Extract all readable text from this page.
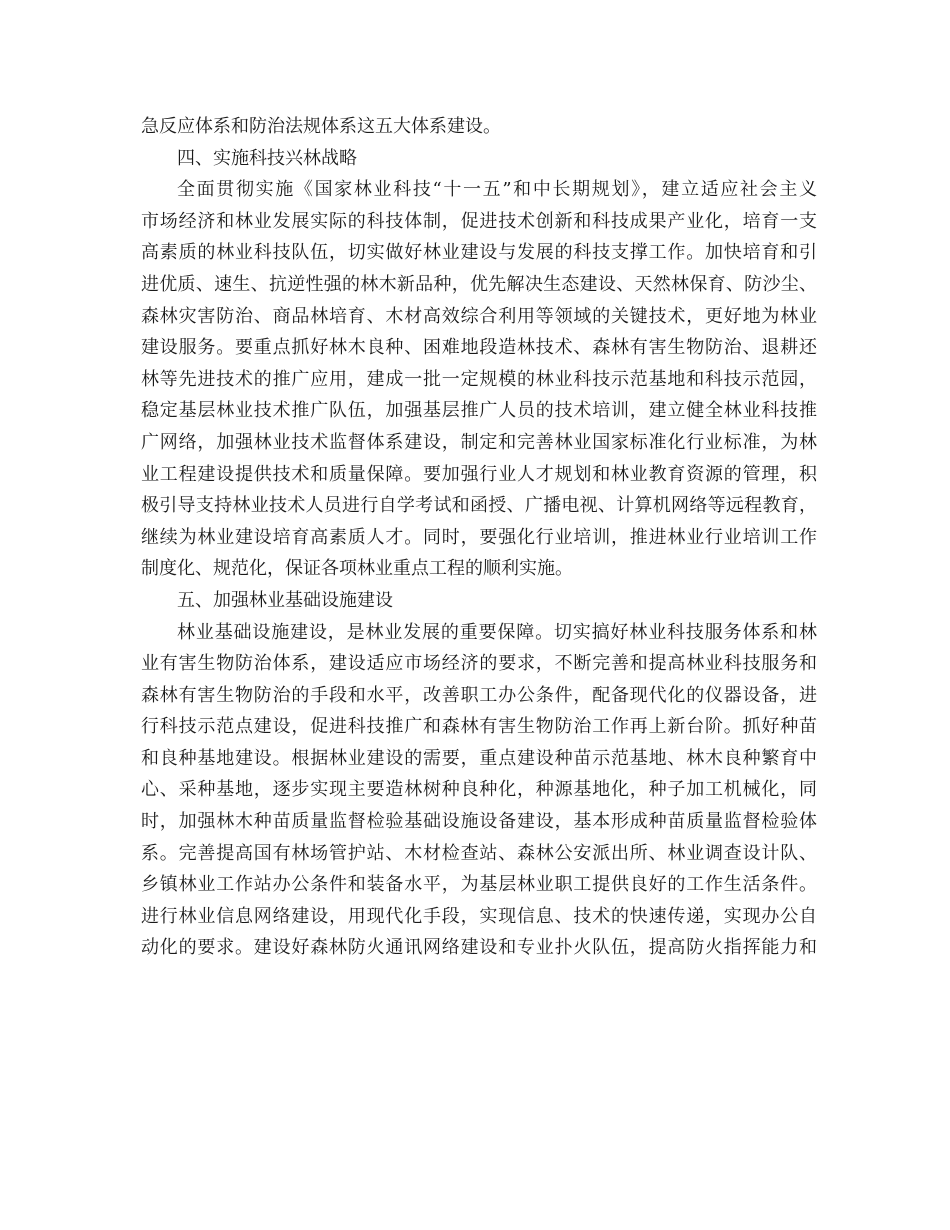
急反应体系和防治法规体系这五大体系建设。
四、实施科技兴林战略
全面贯彻实施《国家林业科技“十一五”和中长期规划》，建立适应社会主义
市场经济和林业发展实际的科技体制，促进技术创新和科技成果产业化，培育一支
高素质的林业科技队伍，切实做好林业建设与发展的科技支撑工作。加快培育和引
进优质、速生、抗逆性强的林木新品种，优先解决生态建设、天然林保育、防沙尘、
森林灾害防治、商品林培育、木材高效综合利用等领域的关键技术，更好地为林业
建设服务。要重点抓好林木良种、困难地段造林技术、森林有害生物防治、退耕还
林等先进技术的推广应用，建成一批一定规模的林业科技示范基地和科技示范园，
稳定基层林业技术推广队伍，加强基层推广人员的技术培训，建立健全林业科技推
广网络，加强林业技术监督体系建设，制定和完善林业国家标准化行业标准，为林
业工程建设提供技术和质量保障。要加强行业人才规划和林业教育资源的管理，积
极引导支持林业技术人员进行自学考试和函授、广播电视、计算机网络等远程教育，
继续为林业建设培育高素质人才。同时，要强化行业培训，推进林业行业培训工作
制度化、规范化，保证各项林业重点工程的顺利实施。
五、加强林业基础设施建设
林业基础设施建设，是林业发展的重要保障。切实搞好林业科技服务体系和林
业有害生物防治体系，建设适应市场经济的要求，不断完善和提高林业科技服务和
森林有害生物防治的手段和水平，改善职工办公条件，配备现代化的仪器设备，进
行科技示范点建设，促进科技推广和森林有害生物防治工作再上新台阶。抓好种苗
和良种基地建设。根据林业建设的需要，重点建设种苗示范基地、林木良种繁育中
心、采种基地，逐步实现主要造林树种良种化，种源基地化，种子加工机械化，同
时，加强林木种苗质量监督检验基础设施设备建设，基本形成种苗质量监督检验体
系。完善提高国有林场管护站、木材检查站、森林公安派出所、林业调查设计队、
乡镇林业工作站办公条件和装备水平，为基层林业职工提供良好的工作生活条件。
进行林业信息网络建设，用现代化手段，实现信息、技术的快速传递，实现办公自
动化的要求。建设好森林防火通讯网络建设和专业扑火队伍，提高防火指挥能力和
